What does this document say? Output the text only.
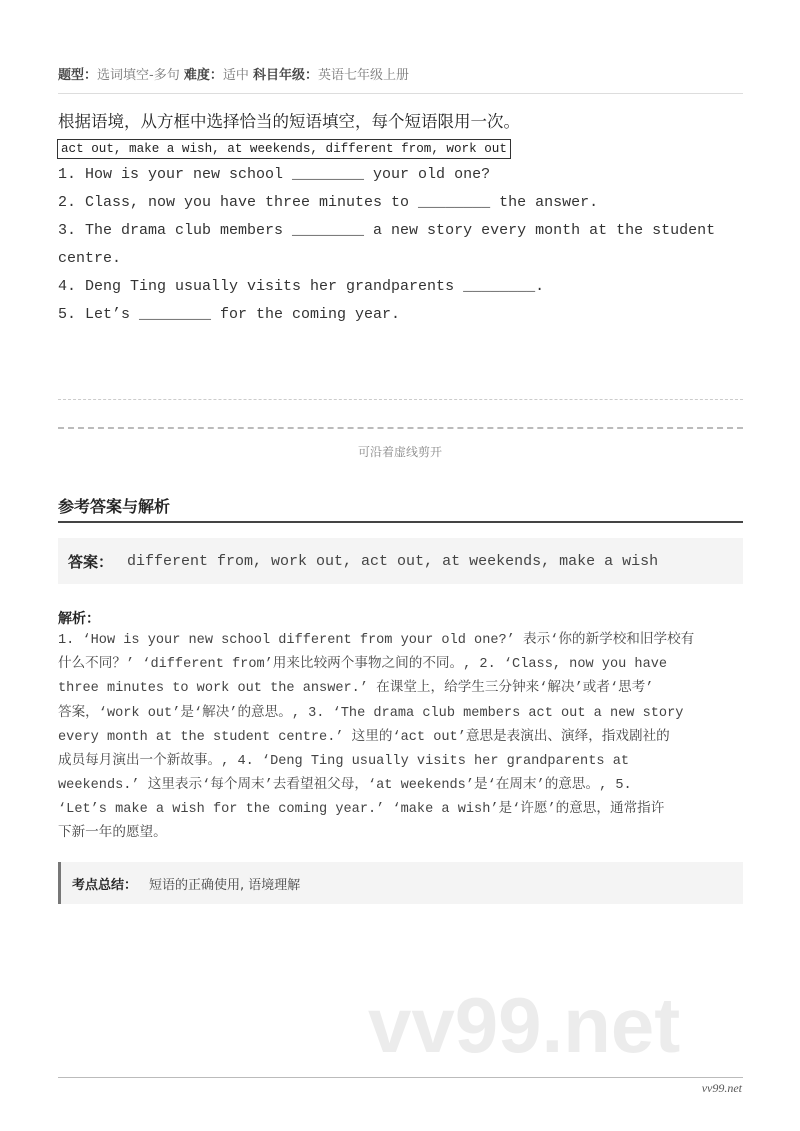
题型：选词填空-多句 难度：适中 科目年级：英语七年级上册
根据语境，从方框中选择恰当的短语填空，每个短语限用一次。
act out, make a wish, at weekends, different from, work out
1. How is your new school ________ your old one?
2. Class, now you have three minutes to ________ the answer.
3. The drama club members ________ a new story every month at the student
centre.
4. Deng Ting usually visits her grandparents ________.
5. Let’s ________ for the coming year.
可沿着虚线剪开
参考答案与解析
答案： different from, work out, act out, at weekends, make a wish
解析：
1. ‘How is your new school different from your old one?’ 表示‘你的新学校和旧学校有
什么不同？’ ‘different from’用来比较两个事物之间的不同。, 2. ‘Class, now you have
three minutes to work out the answer.’ 在课堂上，给学生三分钟来‘解决’或者‘思考’
答案，‘work out’是‘解决’的意思。, 3. ‘The drama club members act out a new story
every month at the student centre.’ 这里的‘act out’意思是表演出、演绎，指戏剧社的
成员每月演出一个新故事。, 4. ‘Deng Ting usually visits her grandparents at
weekends.’ 这里表示‘每个周末’去看望祖父母，‘at weekends’是‘在周末’的意思。, 5.
‘Let’s make a wish for the coming year.’ ‘make a wish’是‘许愿’的意思，通常指许
下新一年的愿望。
考点总结： 短语的正确使用, 语境理解
vv99.net
vv99.net
